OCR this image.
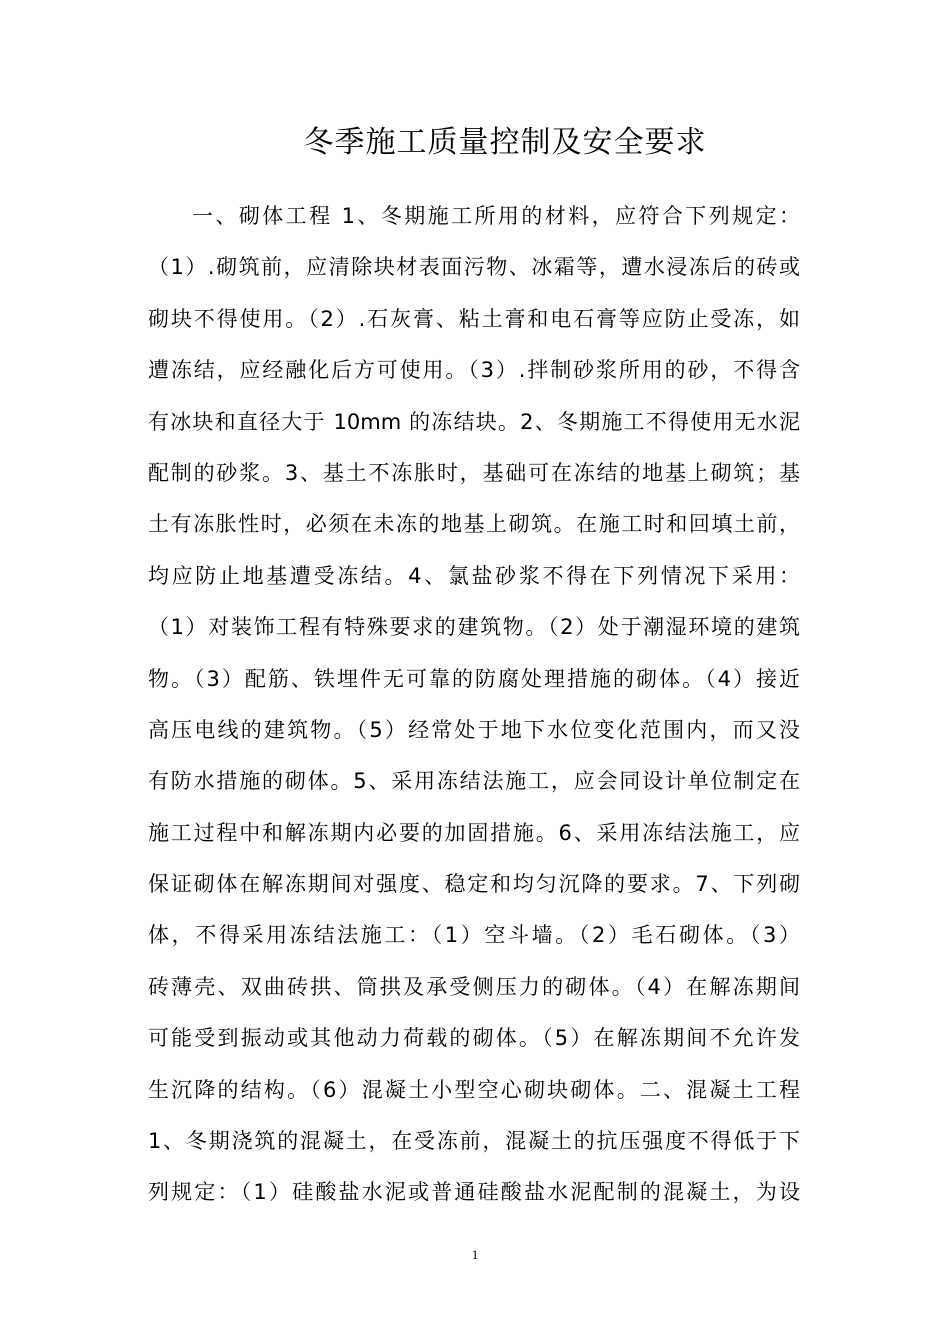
冬季施工质量控制及安全要求
一、砌体工程 1、冬期施工所用的材料，应符合下列规定：
（1）.砌筑前，应清除块材表面污物、冰霜等，遭水浸冻后的砖或
砌块不得使用。（2）.石灰膏、粘土膏和电石膏等应防止受冻，如
遭冻结，应经融化后方可使用。（3）.拌制砂浆所用的砂，不得含
有冰块和直径大于 10mm 的冻结块。2、冬期施工不得使用无水泥
配制的砂浆。3、基土不冻胀时，基础可在冻结的地基上砌筑；基
土有冻胀性时，必须在未冻的地基上砌筑。在施工时和回填土前，
均应防止地基遭受冻结。4、氯盐砂浆不得在下列情况下采用：
（1）对装饰工程有特殊要求的建筑物。（2）处于潮湿环境的建筑
物。（3）配筋、铁埋件无可靠的防腐处理措施的砌体。（4）接近
高压电线的建筑物。（5）经常处于地下水位变化范围内，而又没
有防水措施的砌体。5、采用冻结法施工，应会同设计单位制定在
施工过程中和解冻期内必要的加固措施。6、采用冻结法施工，应
保证砌体在解冻期间对强度、稳定和均匀沉降的要求。7、下列砌
体，不得采用冻结法施工：（1）空斗墙。（2）毛石砌体。（3）
砖薄壳、双曲砖拱、筒拱及承受侧压力的砌体。（4）在解冻期间
可能受到振动或其他动力荷载的砌体。（5）在解冻期间不允许发
生沉降的结构。（6）混凝土小型空心砌块砌体。二、混凝土工程
1、冬期浇筑的混凝土，在受冻前，混凝土的抗压强度不得低于下
列规定：（1）硅酸盐水泥或普通硅酸盐水泥配制的混凝土，为设
1
